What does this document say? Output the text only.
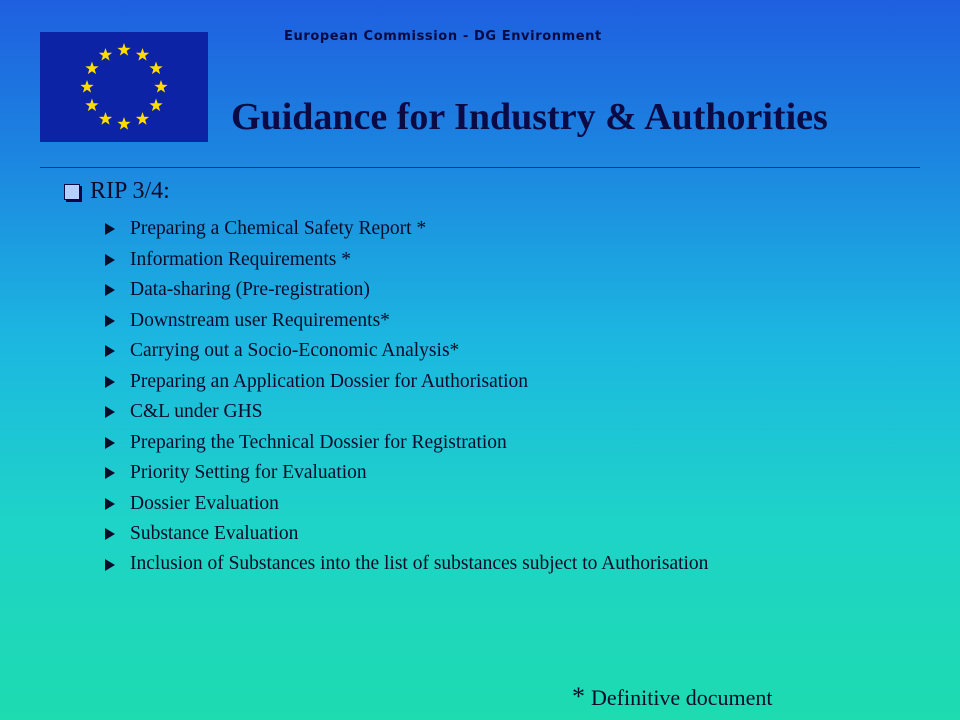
European Commission - DG Environment
Guidance for Industry & Authorities
RIP 3/4:
Preparing a Chemical Safety Report *
Information Requirements *
Data-sharing (Pre-registration)
Downstream user Requirements*
Carrying out a Socio-Economic Analysis*
Preparing an Application Dossier for Authorisation
C&L under GHS
Preparing the Technical Dossier for Registration
Priority Setting for Evaluation
Dossier Evaluation
Substance Evaluation
Inclusion of Substances into the list of substances subject to Authorisation
* Definitive document
